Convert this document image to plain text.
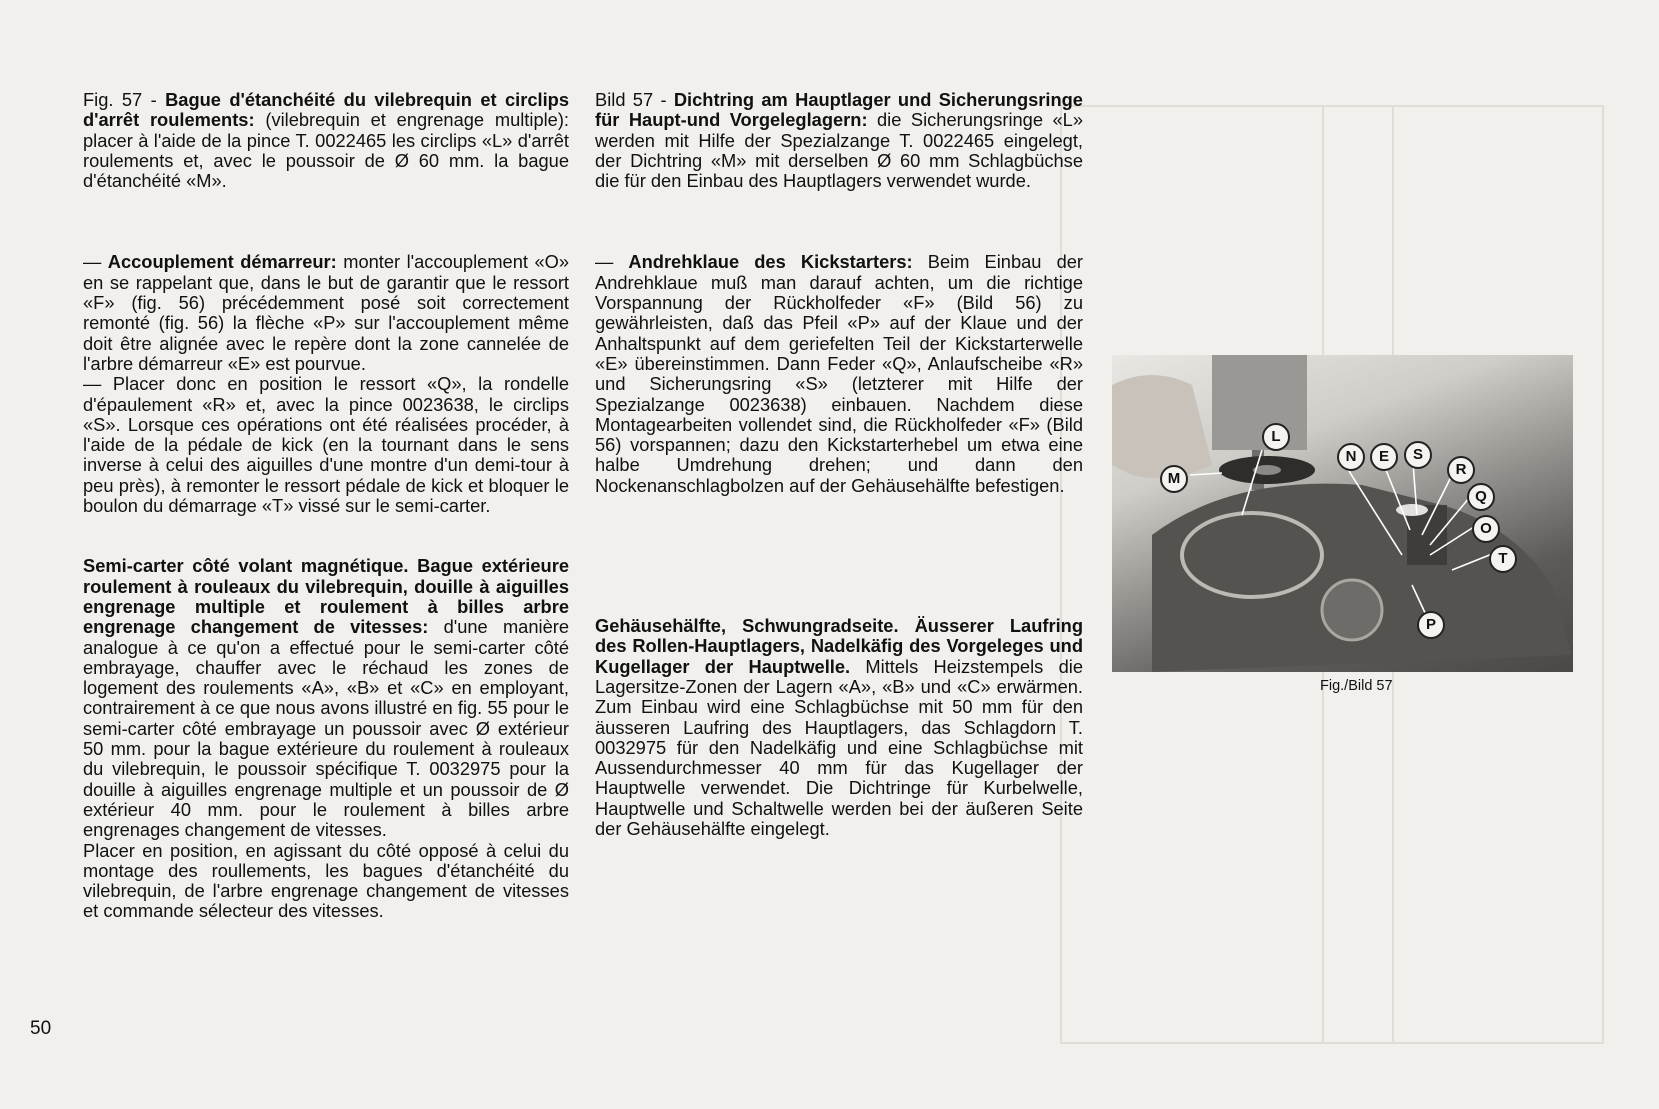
Fig. 57 - Bague d'étanchéité du vilebrequin et circlips d'arrêt roulements: (vilebrequin et engrenage multiple): placer à l'aide de la pince T. 0022465 les circlips «L» d'arrêt roulements et, avec le poussoir de Ø 60 mm. la bague d'étanchéité «M».

— Accouplement démarreur: monter l'accouplement «O» en se rappelant que, dans le but de garantir que le ressort «F» (fig. 56) précédemment posé soit correctement remonté (fig. 56) la flèche «P» sur l'accouplement même doit être alignée avec le repère dont la zone cannelée de l'arbre démarreur «E» est pourvue.

— Placer donc en position le ressort «Q», la rondelle d'épaulement «R» et, avec la pince 0023638, le circlips «S». Lorsque ces opérations ont été réalisées procéder, à l'aide de la pédale de kick (en la tournant dans le sens inverse à celui des aiguilles d'une montre d'un demi-tour à peu près), à remonter le ressort pédale de kick et bloquer le boulon du démarrage «T» vissé sur le semi-carter.

Semi-carter côté volant magnétique. Bague extérieure roulement à rouleaux du vilebrequin, douille à aiguilles engrenage multiple et roulement à billes arbre engrenage changement de vitesses: d'une manière analogue à ce qu'on a effectué pour le semi-carter côté embrayage, chauffer avec le réchaud les zones de logement des roulements «A», «B» et «C» en employant, contrairement à ce que nous avons illustré en fig. 55 pour le semi-carter côté embrayage un poussoir avec Ø extérieur 50 mm. pour la bague extérieure du roulement à rouleaux du vilebrequin, le poussoir spécifique T. 0032975 pour la douille à aiguilles engrenage multiple et un poussoir de Ø extérieur 40 mm. pour le roulement à billes arbre engrenages changement de vitesses.

Placer en position, en agissant du côté opposé à celui du montage des roullements, les bagues d'étanchéité du vilebrequin, de l'arbre engrenage changement de vitesses et commande sélecteur des vitesses.

Bild 57 - Dichtring am Hauptlager und Sicherungsringe für Haupt-und Vorgeleglagern: die Sicherungsringe «L» werden mit Hilfe der Spezialzange T. 0022465 eingelegt, der Dichtring «M» mit derselben Ø 60 mm Schlagbüchse die für den Einbau des Hauptlagers verwendet wurde.

— Andrehklaue des Kickstarters: Beim Einbau der Andrehklaue muß man darauf achten, um die richtige Vorspannung der Rückholfeder «F» (Bild 56) zu gewährleisten, daß das Pfeil «P» auf der Klaue und der Anhaltspunkt auf dem geriefelten Teil der Kickstarterwelle «E» übereinstimmen. Dann Feder «Q», Anlaufscheibe «R» und Sicherungsring «S» (letzterer mit Hilfe der Spezialzange 0023638) einbauen. Nachdem diese Montagearbeiten vollendet sind, die Rückholfeder «F» (Bild 56) vorspannen; dazu den Kickstarterhebel um etwa eine halbe Umdrehung drehen; und dann den Nockenanschlagbolzen auf der Gehäusehälfte befestigen.

Gehäusehälfte, Schwungradseite. Äusserer Laufring des Rollen-Hauptlagers, Nadelkäfig des Vorgeleges und Kugellager der Hauptwelle. Mittels Heizstempels die Lagersitze-Zonen der Lagern «A», «B» und «C» erwärmen. Zum Einbau wird eine Schlagbüchse mit 50 mm für den äusseren Laufring des Hauptlagers, das Schlagdorn T. 0032975 für den Nadelkäfig und eine Schlagbüchse mit Aussendurchmesser 40 mm für das Kugellager der Hauptwelle verwendet. Die Dichtringe für Kurbelwelle, Hauptwelle und Schaltwelle werden bei der äußeren Seite der Gehäusehälfte eingelegt.

L
M
N	E	S
R
Q
O
T
P
Fig./Bild 57
50
